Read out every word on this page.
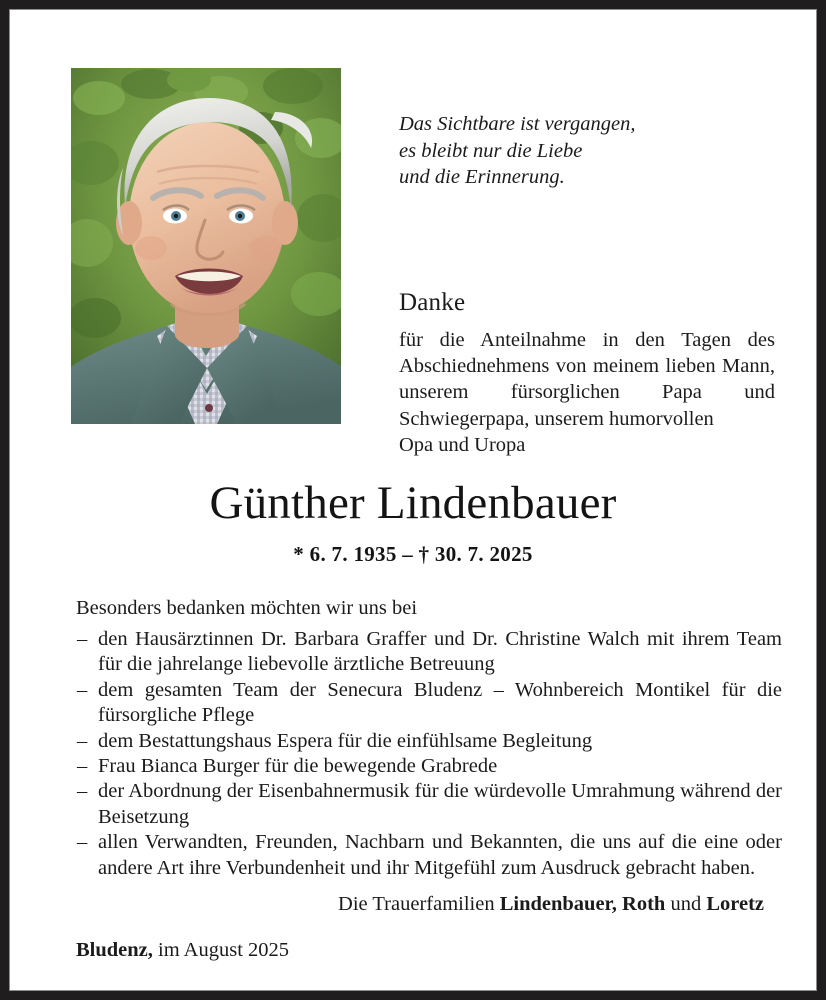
Das Sichtbare ist vergangen,
es bleibt nur die Liebe
und die Erinnerung.
Danke
für die Anteilnahme in den Tagen des Abschiednehmens von meinem lieben Mann, unserem fürsorglichen Papa und Schwiegerpapa, unserem humorvollen
Opa und Uropa
Günther Lindenbauer
* 6. 7. 1935 – † 30. 7. 2025
Besonders bedanken möchten wir uns bei
– den Hausärztinnen Dr. Barbara Graffer und Dr. Christine Walch mit ihrem Team für die jahrelange liebevolle ärztliche Betreuung
– dem gesamten Team der Senecura Bludenz – Wohnbereich Montikel für die fürsorgliche Pflege
– dem Bestattungshaus Espera für die einfühlsame Begleitung
– Frau Bianca Burger für die bewegende Grabrede
– der Abordnung der Eisenbahnermusik für die würdevolle Umrahmung während der Beisetzung
– allen Verwandten, Freunden, Nachbarn und Bekannten, die uns auf die eine oder andere Art ihre Verbundenheit und ihr Mitgefühl zum Ausdruck gebracht haben.
Die Trauerfamilien Lindenbauer, Roth und Loretz
Bludenz, im August 2025
